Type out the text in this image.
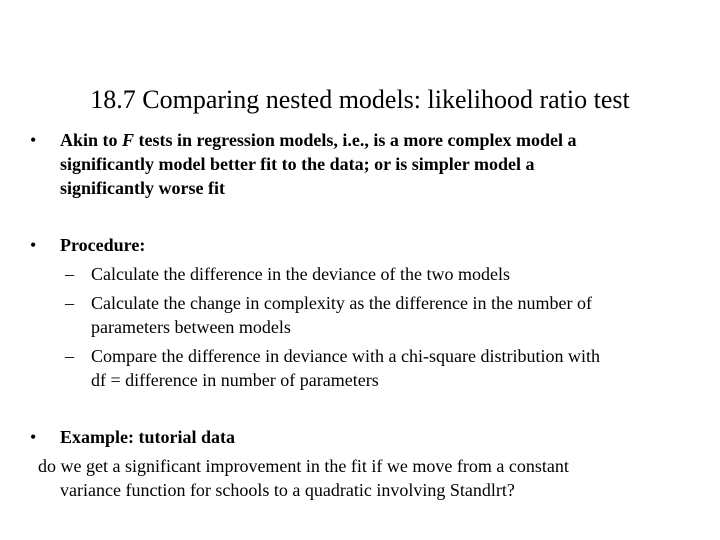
18.7 Comparing nested models: likelihood ratio test
• Akin to F tests in regression models, i.e., is a more complex model a
significantly model better fit to the data; or is simpler model a
significantly worse fit
• Procedure:
– Calculate the difference in the deviance of the two models
– Calculate the change in complexity as the difference in the number of
parameters between models
– Compare the difference in deviance with a chi-square distribution with
df = difference in number of parameters
• Example: tutorial data
do we get a significant improvement in the fit if we move from a constant
variance function for schools to a quadratic involving Standlrt?
